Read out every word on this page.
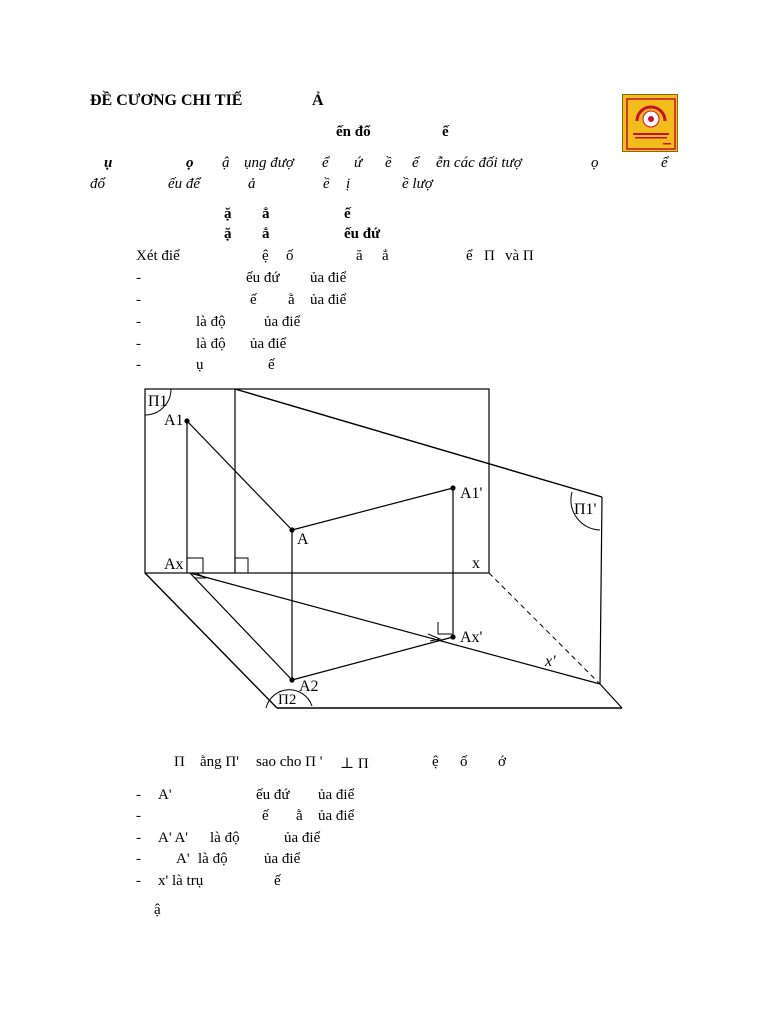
ĐỀ CƯƠNG CHI TIẾ	Ả
ến đổ	ế
ụ	ọ ậ ụng đượ ể ứ ề ể ễn các đối tượ	ọ	ể
đổ	ếu để	ả	ề ị	ề lượ
ặ ẳ	ế
ặ ẳ	ếu đứ
Xét điể	ệ ố	ă ẳ	ể Π và Π
-	ếu đứ ủa điể
-	ế ằ ủa điể
-	là độ	ủa điể
-	là độ ủa điể
-	ụ	ế
Π1
A1
A1'
Π1'
A
Ax	x
Ax'
x'
A2
Π2
Π ằng Π' sao cho Π ' ⊥ Π	ệ ố ớ
- A'	ếu đứ ủa điể
-	ế ằ ủa điể
- A' A' là độ	ủa điể
- A' là độ ủa điể
- x' là trụ	ế
ậ
